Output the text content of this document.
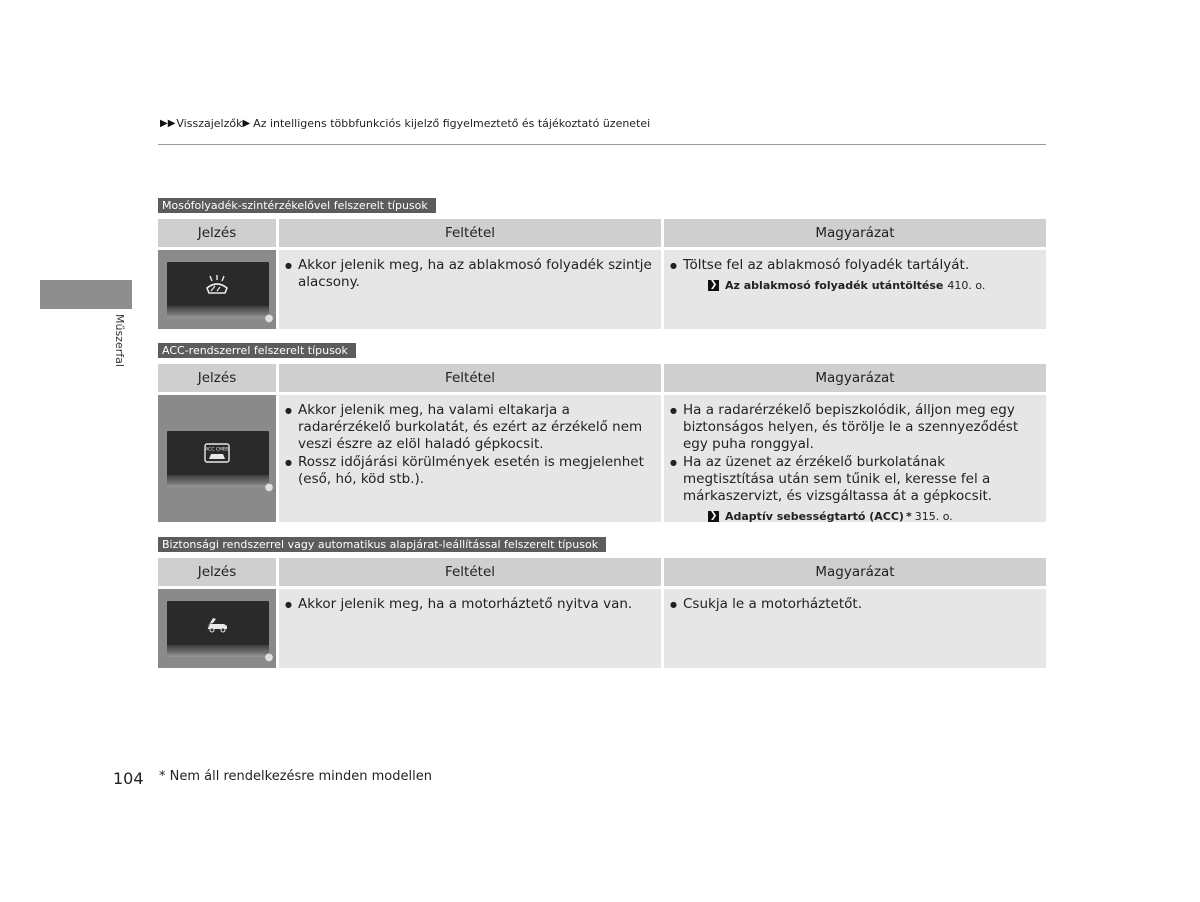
▶▶ Visszajelzők ▶ Az intelligens többfunkciós kijelző figyelmeztető és tájékoztató üzenetei
Műszerfal
Mosófolyadék-szintérzékelővel felszerelt típusok
Jelzés	Feltétel	Magyarázat
●
● Akkor jelenik meg, ha az ablakmosó folyadék szintje alacsony.
● Töltse fel az ablakmosó folyadék tartályát.
❯ Az ablakmosó folyadék utántöltése 410. o.
ACC-rendszerrel felszerelt típusok
Jelzés	Feltétel	Magyarázat
ACC CMBS
●
● Akkor jelenik meg, ha valami eltakarja a radarérzékelő burkolatát, és ezért az érzékelő nem veszi észre az elöl haladó gépkocsit.
● Rossz időjárási körülmények esetén is megjelenhet (eső, hó, köd stb.).
● Ha a radarérzékelő bepiszkolódik, álljon meg egy biztonságos helyen, és törölje le a szennyeződést egy puha ronggyal.
● Ha az üzenet az érzékelő burkolatának megtisztítása után sem tűnik el, keresse fel a márkaszervizt, és vizsgáltassa át a gépkocsit.
❯ Adaptív sebességtartó (ACC) * 315. o.
Biztonsági rendszerrel vagy automatikus alapjárat-leállítással felszerelt típusok
Jelzés	Feltétel	Magyarázat
●
● Akkor jelenik meg, ha a motorháztető nyitva van.
●	Csukja le a motorháztetőt.
104 * Nem áll rendelkezésre minden modellen
